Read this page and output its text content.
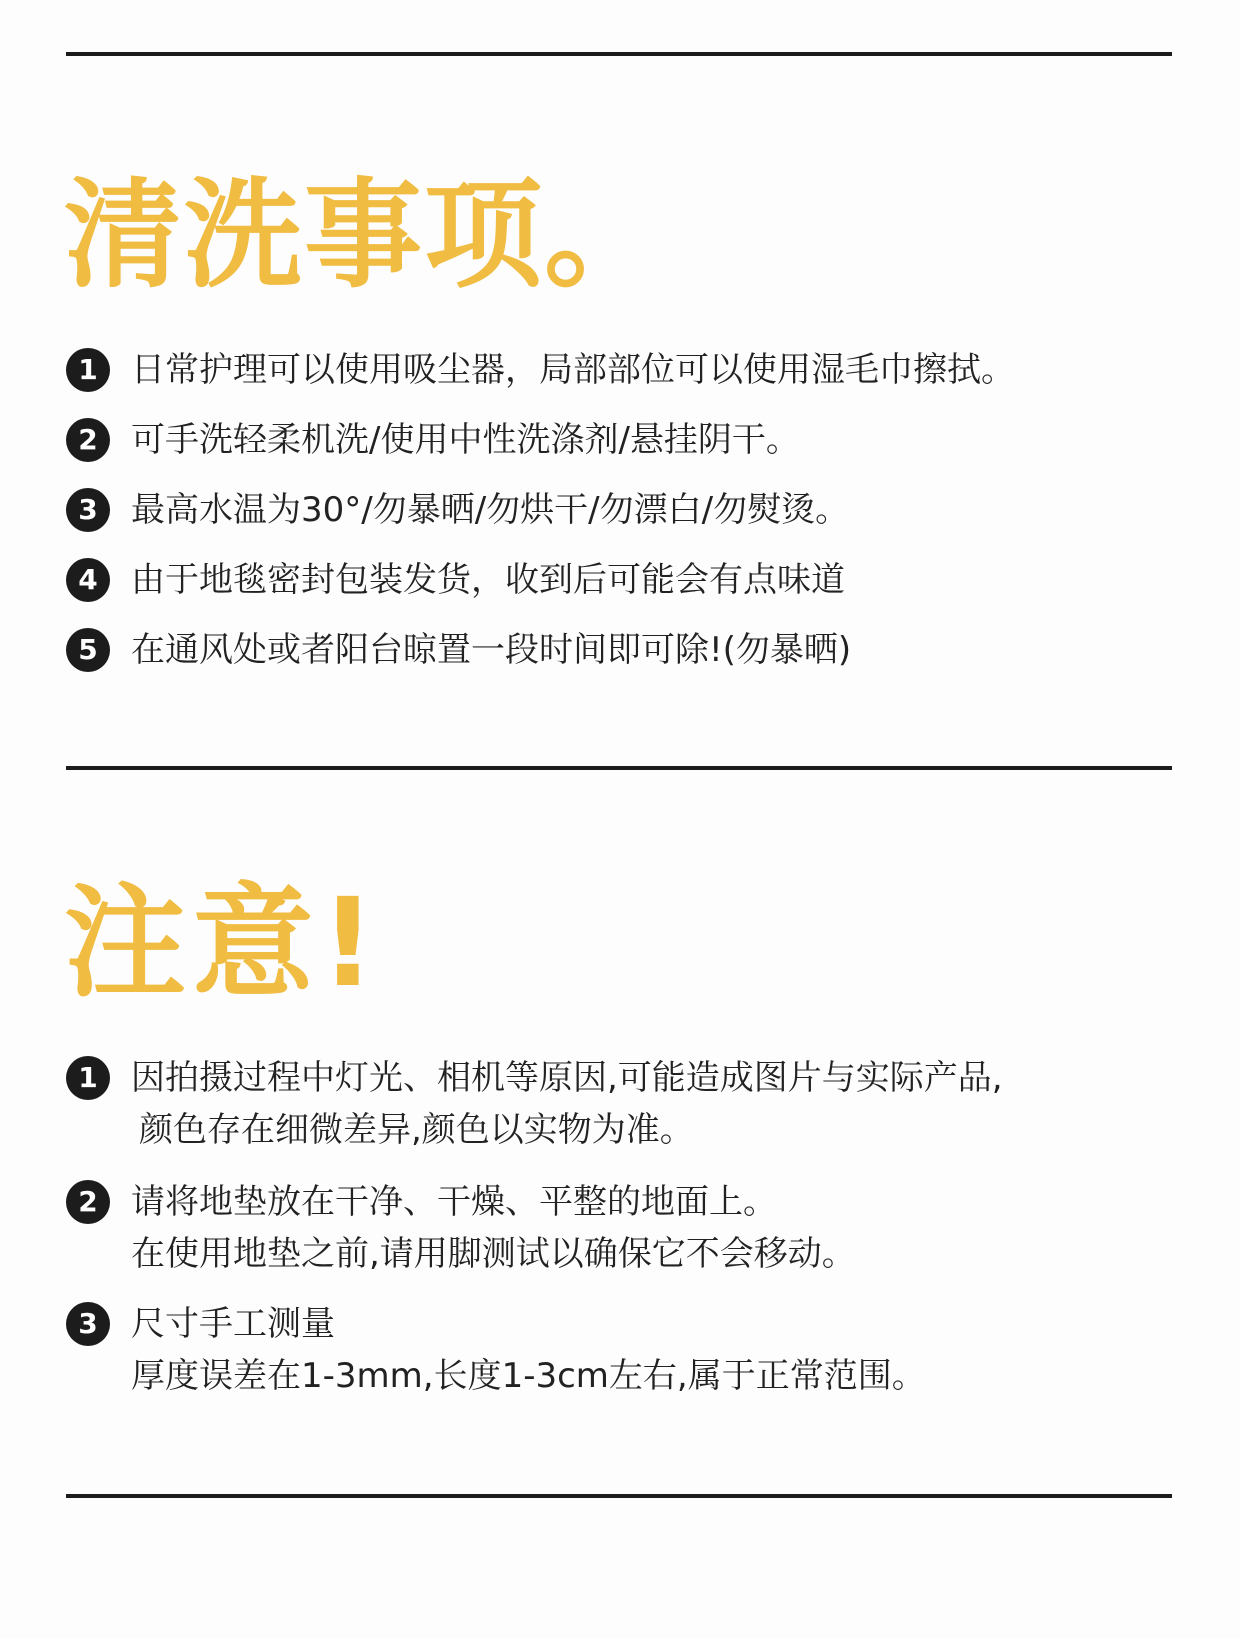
清洗事项。
1 日常护理可以使用吸尘器，局部部位可以使用湿毛巾擦拭。
2 可手洗轻柔机洗/使用中性洗涤剂/悬挂阴干。
3 最高水温为30°/勿暴晒/勿烘干/勿漂白/勿熨烫。
4 由于地毯密封包装发货，收到后可能会有点味道
5 在通风处或者阳台晾置一段时间即可除!(勿暴晒)
注意!
1 因拍摄过程中灯光、相机等原因,可能造成图片与实际产品,
颜色存在细微差异,颜色以实物为准。
2 请将地垫放在干净、干燥、平整的地面上。
在使用地垫之前,请用脚测试以确保它不会移动。
3 尺寸手工测量
厚度误差在1-3mm,长度1-3cm左右,属于正常范围。
